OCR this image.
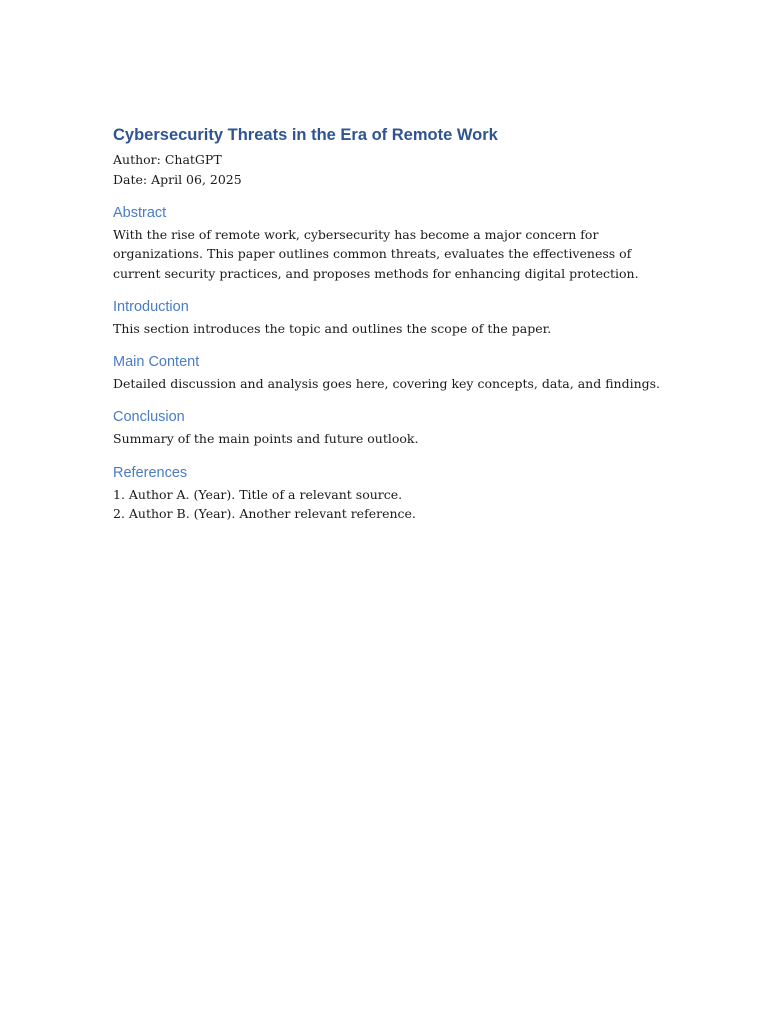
Cybersecurity Threats in the Era of Remote Work

Author: ChatGPT

Date: April 06, 2025

Abstract

With the rise of remote work, cybersecurity has become a major concern for organizations. This paper outlines common threats, evaluates the effectiveness of current security practices, and proposes methods for enhancing digital protection.

Introduction

This section introduces the topic and outlines the scope of the paper.

Main Content

Detailed discussion and analysis goes here, covering key concepts, data, and findings.

Conclusion

Summary of the main points and future outlook.

References
1. Author A. (Year). Title of a relevant source.
2. Author B. (Year). Another relevant reference.
